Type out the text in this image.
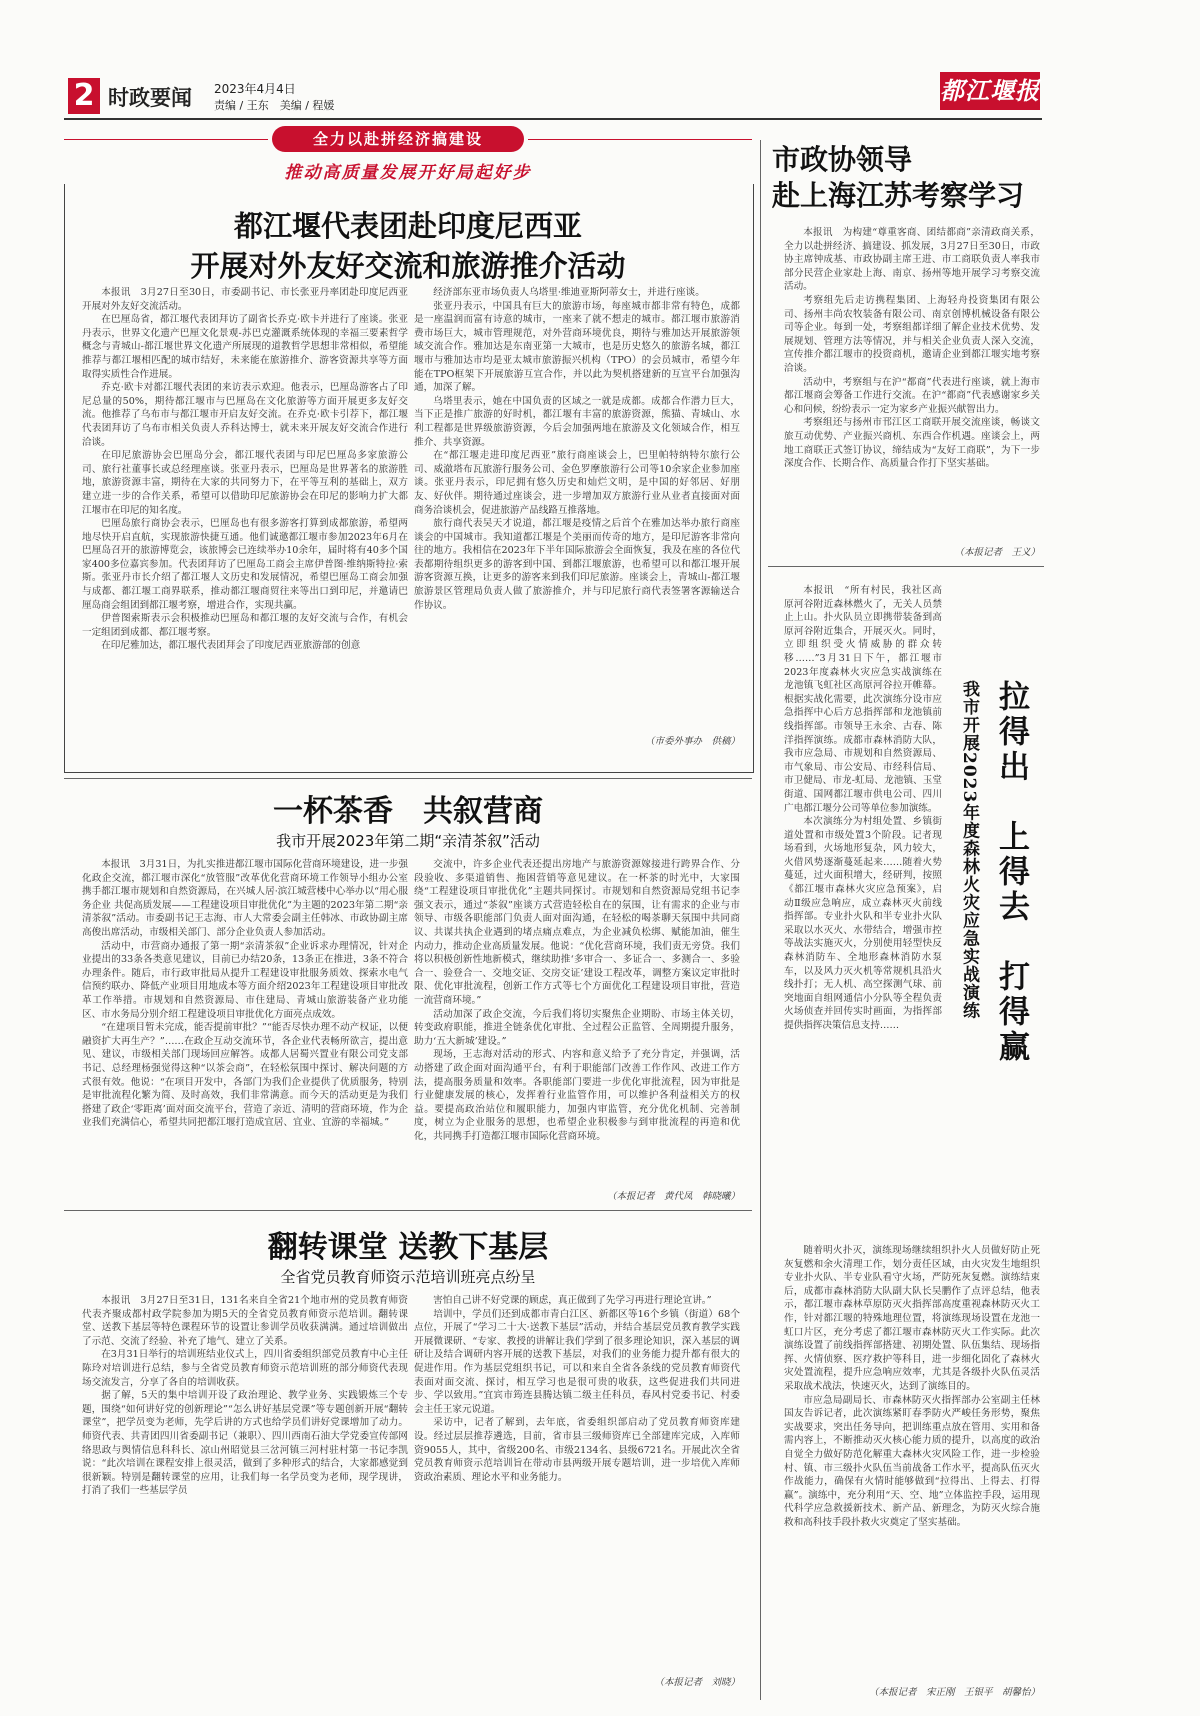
2 时政要闻 2023年4月4日
责编 / 王东　美编 / 程媛
都江堰报
全力以赴拼经济搞建设
推动高质量发展开好局起好步
都江堰代表团赴印度尼西亚
开展对外友好交流和旅游推介活动

本报讯　3月27日至30日，市委副书记、市长张亚丹率团赴印度尼西亚开展对外友好交流活动。

在巴厘岛省，都江堰代表团拜访了副省长乔克·欧卡并进行了座谈。张亚丹表示，世界文化遗产巴厘文化景观-苏巴克灌溉系统体现的幸福三要素哲学概念与青城山-都江堰世界文化遗产所展现的道教哲学思想非常相似，希望能推荐与都江堰相匹配的城市结好，未来能在旅游推介、游客资源共享等方面取得实质性合作进展。

乔克·欧卡对都江堰代表团的来访表示欢迎。他表示，巴厘岛游客占了印尼总量的50%，期待都江堰市与巴厘岛在文化旅游等方面开展更多友好交流。他推荐了乌布市与都江堰市开启友好交流。在乔克·欧卡引荐下，都江堰代表团拜访了乌布市相关负责人乔科达博士，就未来开展友好交流合作进行洽谈。

在印尼旅游协会巴厘岛分会，都江堰代表团与印尼巴厘岛多家旅游公司、旅行社董事长或总经理座谈。张亚丹表示，巴厘岛是世界著名的旅游胜地，旅游资源丰富，期待在大家的共同努力下，在平等互利的基础上，双方建立进一步的合作关系，希望可以借助印尼旅游协会在印尼的影响力扩大都江堰市在印尼的知名度。

巴厘岛旅行商协会表示，巴厘岛也有很多游客打算到成都旅游，希望两地尽快开启直航，实现旅游快捷互通。他们诚邀都江堰市参加2023年6月在巴厘岛召开的旅游博览会，该旅博会已连续举办10余年，届时将有40多个国家400多位嘉宾参加。代表团拜访了巴厘岛工商会主席伊普图·维纳斯特拉·索斯。张亚丹市长介绍了都江堰人文历史和发展情况，希望巴厘岛工商会加强与成都、都江堰工商界联系，推动都江堰商贸往来等出口到印尼，并邀请巴厘岛商会组团到都江堰考察，增进合作，实现共赢。

伊普图索斯表示会积极推动巴厘岛和都江堰的友好交流与合作，有机会一定组团到成都、都江堰考察。

在印尼雅加达，都江堰代表团拜会了印度尼西亚旅游部的创意

经济部东亚市场负责人乌塔里·维迪亚斯阿蒂女士，并进行座谈。

张亚丹表示，中国具有巨大的旅游市场，每座城市都非常有特色，成都是一座温润而富有诗意的城市，一座来了就不想走的城市。都江堰市旅游消费市场巨大，城市管理规范，对外营商环境优良，期待与雅加达开展旅游领域交流合作。雅加达是东南亚第一大城市，也是历史悠久的旅游名城，都江堰市与雅加达市均是亚太城市旅游振兴机构（TPO）的会员城市，希望今年能在TPO框架下开展旅游互宣合作，并以此为契机搭建新的互宣平台加强沟通，加深了解。

乌塔里表示，她在中国负责的区域之一就是成都。成都合作潜力巨大，当下正是推广旅游的好时机，都江堰有丰富的旅游资源，熊猫、青城山、水利工程都是世界级旅游资源，今后会加强两地在旅游及文化领域合作，相互推介、共享资源。

在“都江堰走进印度尼西亚”旅行商座谈会上，巴里帕特纳特尔旅行公司、威澈塔布瓦旅游行服务公司、金色罗摩旅游行公司等10余家企业参加座谈。张亚丹表示，印尼拥有悠久历史和灿烂文明，是中国的好邻居、好朋友、好伙伴。期待通过座谈会，进一步增加双方旅游行业从业者直接面对面商务洽谈机会，促进旅游产品线路互推落地。

旅行商代表吴天才说道，都江堰是疫情之后首个在雅加达举办旅行商座谈会的中国城市。我知道都江堰是个美丽而传奇的地方，是印尼游客非常向往的地方。我相信在2023年下半年国际旅游会全面恢复，我及在座的各位代表都期待组织更多的游客到中国、到都江堰旅游，也希望可以和都江堰开展游客资源互换，让更多的游客来到我们印尼旅游。座谈会上，青城山-都江堰旅游景区管理局负责人做了旅游推介，并与印尼旅行商代表签署客源输送合作协议。

（市委外事办　供稿）
市政协领导
赴上海江苏考察学习

本报讯　为构建“尊重客商、团结都商”亲清政商关系，全力以赴拼经济、搞建设、抓发展，3月27日至30日，市政协主席钟成基、市政协副主席王进、市工商联负责人率我市部分民营企业家赴上海、南京、扬州等地开展学习考察交流活动。

考察组先后走访携程集团、上海轻舟投资集团有限公司、扬州丰尚农牧装备有限公司、南京创博机械设备有限公司等企业。每到一处，考察组都详细了解企业技术优势、发展规划、管理方法等情况，并与相关企业负责人深入交流，宣传推介都江堰市的投资商机，邀请企业到都江堰实地考察洽谈。

活动中，考察组与在沪“都商”代表进行座谈，就上海市都江堰商会筹备工作进行交流。在沪“都商”代表感谢家乡关心和问候，纷纷表示一定为家乡产业振兴献智出力。

考察组还与扬州市邗江区工商联开展交流座谈，畅谈文旅互动优势、产业振兴商机、东西合作机遇。座谈会上，两地工商联正式签订协议，缔结成为“友好工商联”，为下一步深度合作、长期合作、高质量合作打下坚实基础。

（本报记者　王义）
一杯茶香　共叙营商
我市开展2023年第二期“亲清茶叙”活动

本报讯　3月31日，为扎实推进都江堰市国际化营商环境建设，进一步强化政企交流，都江堰市深化“放管服”改革优化营商环境工作领导小组办公室携手都江堰市规划和自然资源局，在兴城人居·滨江城营楼中心举办以“用心服务企业 共促高质发展——工程建设项目审批优化”为主题的2023年第二期“亲清茶叙”活动。市委副书记王志海、市人大常委会副主任韩冰、市政协副主席高俊出席活动，市级相关部门、部分企业负责人参加活动。

活动中，市营商办通报了第一期“亲清茶叙”企业诉求办理情况，针对企业提出的33条各类意见建议，目前已办结20条，13条正在推进，3条不符合办理条件。随后，市行政审批局从提升工程建设审批服务质效、探索水电气信预约联办、降低产业项目用地成本等方面介绍2023年工程建设项目审批改革工作举措。市规划和自然资源局、市住建局、青城山旅游装备产业功能区、市水务局分别介绍工程建设项目审批优化方面亮点成效。

“在建项目暂未完成，能否提前审批？”“能否尽快办理不动产权证，以便融资扩大再生产？”……在政企互动交流环节，各企业代表畅所欲言，提出意见、建议，市级相关部门现场回应解答。成都人居蜀兴置业有限公司党支部书记、总经理杨强觉得这种“以茶会商”，在轻松氛围中探讨、解决问题的方式很有效。他说：“在项目开发中，各部门为我们企业提供了优质服务，特别是审批流程化繁为简、及时高效，我们非常满意。而今天的活动更是为我们搭建了政企‘零距离’面对面交流平台，营造了亲近、清明的营商环境，作为企业我们充满信心，希望共同把都江堰打造成宜居、宜业、宜游的幸福城。”

交流中，许多企业代表还提出房地产与旅游资源嫁接进行跨界合作、分段验收、多渠道销售、拖困营销等意见建议。在一杯茶的时光中，大家围绕“工程建设项目审批优化”主题共同探讨。市规划和自然资源局党组书记李强文表示，通过“茶叙”座谈方式营造轻松自在的氛围，让有需求的企业与市领导、市级各职能部门负责人面对面沟通，在轻松的喝茶聊天氛围中共同商议、共谋共执企业遇到的堵点痛点难点，为企业减负松绑、赋能加油，催生内动力，推动企业高质量发展。他说：“优化营商环境，我们责无旁贷。我们将以积极创新性地新模式，继续助推‘多审合一、多证合一、多测合一、多验合一、验登合一、交地交证、交房交证’建设工程改革，调整方案议定审批时限、优化审批流程，创新工作方式等七个方面优化工程建设项目审批，营造一流营商环境。”

活动加深了政企交流，今后我们将切实聚焦企业期盼、市场主体关切，转变政府职能，推进全链条优化审批、全过程公正监管、全周期提升服务，助力‘五大新城’建设。”

现场，王志海对活动的形式、内容和意义给予了充分肯定，并强调，活动搭建了政企面对面沟通平台，有利于职能部门改善工作作风、改进工作方法，提高服务质量和效率。各职能部门要进一步优化审批流程，因为审批是行业健康发展的核心，发挥着行业监管作用，可以维护各利益相关方的权益。要提高政治站位和履职能力，加强内审监管，充分优化机制、完善制度，树立为企业服务的思想，也希望企业积极参与到审批流程的再造和优化，共同携手打造都江堰市国际化营商环境。

（本报记者　黄代凤　韩晓曦）
翻转课堂 送教下基层
全省党员教育师资示范培训班亮点纷呈

本报讯　3月27日至31日，131名来自全省21个地市州的党员教育师资代表齐聚成都村政学院参加为期5天的全省党员教育师资示范培训。翻转课堂、送教下基层等特色课程环节的设置让参训学员收获满满。通过培训做出了示范、交流了经验、补充了地气、建立了关系。

在3月31日举行的培训班结业仪式上，四川省委组织部党员教育中心主任陈玲对培训进行总结，参与全省党员教育师资示范培训班的部分师资代表现场交流发言，分享了各自的培训收获。

据了解，5天的集中培训开设了政治理论、教学业务、实践锻炼三个专题，围绕“如何讲好党的创新理论”“怎么讲好基层党课”等专题创新开展“翻转课堂”，把学员变为老师，先学后讲的方式也给学员们讲好党课增加了动力。师资代表、共青团四川省委副书记（兼职）、四川西南石油大学党委宣传部网络思政与舆情信息科科长、凉山州昭觉县三岔河镇三河村驻村第一书记李凯说：“此次培训在课程安排上很灵活，做到了多种形式的结合，大家都感觉到很新颖。特别是翻转课堂的应用，让我们每一名学员变为老师，现学现讲，打消了我们一些基层学员

害怕自己讲不好党课的顾虑，真正做到了先学习再进行理论宣讲。”

培训中，学员们还到成都市青白江区、新都区等16个乡镇（街道）68个点位，开展了“学习二十大·送教下基层”活动，并结合基层党员教育教学实践开展微课研、“专家、教授的讲解让我们学到了很多理论知识，深入基层的调研让及结合调研内容开展的送教下基层，对我们的业务能力提升都有很大的促进作用。作为基层党组织书记，可以和来自全省各条线的党员教育师资代表面对面交流、探讨，相互学习也是很可贵的收获，这些促进我们共同进步、学以致用。”宜宾市筠连县腾达镇二级主任科员，春风村党委书记、村委会主任王家元说道。

采访中，记者了解到，去年底，省委组织部启动了党员教育师资库建设。经过层层推荐遴选，目前，省市县三级师资库已全部建库完成，入库师资9055人，其中，省级200名、市级2134名、县级6721名。开展此次全省党员教育师资示范培训旨在带动市县两级开展专题培训，进一步培优入库师资政治素质、理论水平和业务能力。

（本报记者　刘晓）
拉得出　上得去　打得赢
我市开展2023年度森林火灾应急实战演练

本报讯　“所有村民，我社区高原河谷附近森林燃火了，无关人员禁止上山。扑火队员立即携带装备到高原河谷附近集合，开展灭火。同时，立即组织受火情威胁的群众转移……”3月31日下午，都江堰市2023年度森林火灾应急实战演练在龙池镇飞虹社区高原河谷拉开帷幕。根据实战化需要，此次演练分设市应急指挥中心后方总指挥部和龙池镇前线指挥部。市领导王永余、古春、陈洋指挥演练。成都市森林消防大队，我市应急局、市规划和自然资源局、市气象局、市公安局、市经科信局、市卫健局、市龙-虹局、龙池镇、玉堂街道、国网都江堰市供电公司、四川广电都江堰分公司等单位参加演练。

本次演练分为村组处置、乡镇街道处置和市级处置3个阶段。记者现场看到，火场地形复杂，风力较大，火借风势逐渐蔓延起来……随着火势蔓延，过火面积增大，经研判，按照《都江堰市森林火灾应急预案》，启动Ⅱ级应急响应，成立森林灭火前线指挥部。专业扑火队和半专业扑火队采取以水灭火、水带结合，增强市控等战法实施灭火，分别使用轻型快反森林消防车、全地形森林消防水泵车，以及风力灭火机等常规机具沿火线扑打；无人机、高空探测气球、前突地面自组网通信小分队等全程负责火场侦查并回传实时画面，为指挥部提供指挥决策信息支持……

随着明火扑灭，演练现场继续组织扑火人员做好防止死灰复燃和余火清理工作，划分责任区域，由火灾发生地组织专业扑火队、半专业队看守火场，严防死灰复燃。演练结束后，成都市森林消防大队副大队长吴鹏作了点评总结，他表示，都江堰市森林草原防灭火指挥部高度重视森林防灭火工作，针对都江堰的特殊地理位置，将演练现场设置在龙池一虹口片区，充分考虑了都江堰市森林防灭火工作实际。此次演练设置了前线指挥部搭建、初期处置、队伍集结、现场指挥、火情侦察、医疗救护等科目，进一步细化固化了森林火灾处置流程，提升应急响应效率，尤其是各级扑火队伍灵活采取战术战法，快速灭火，达到了演练目的。

市应急局副局长、市森林防灭火指挥部办公室副主任林国友告诉记者，此次演练紧盯春季防火严峻任务形势，聚焦实战要求，突出任务导向，把训练重点放在管用、实用和备需内容上，不断推动灭火核心能力质的提升，以高度的政治自觉全力做好防范化解重大森林火灾风险工作，进一步检验村、镇、市三级扑火队伍当前战备工作水平，提高队伍灭火作战能力，确保有火情时能够做到“拉得出、上得去、打得赢”。演练中，充分利用“天、空、地”立体监控手段，运用现代科学应急救援新技术、新产品、新理念，为防灭火综合施救和高科技手段扑救火灾奠定了坚实基础。

（本报记者　宋正刚　王银平　胡馨怡）
